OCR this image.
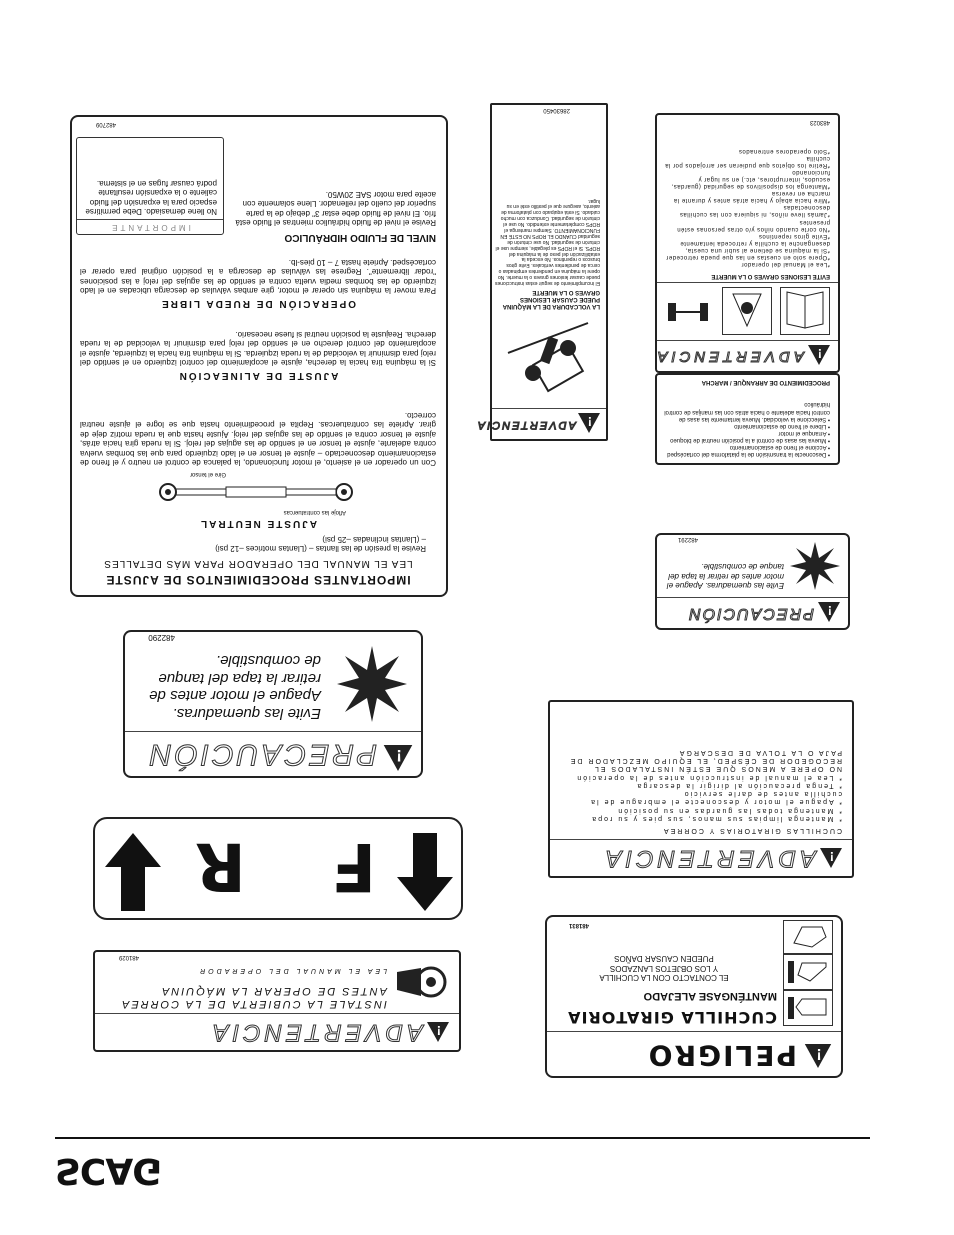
IMPORTANTES PROCEDIMIENTOS DE AJUSTE
LEA EL MANUAL DEL OPERADOR PARA MÁS DETALLES
Revise la presión de las llantas – (Llantas motrices –12 psi)
– (Llantas inclinadas –25 psi)
AJUSTE NEUTRAL
Afloje las contratuercas
Gire el tensor
Con un operador en el asiento, el motor funcionando, la palanca de control en neutro y el freno de estacionamiento desconectado – ajuste el tensor en el lado izquierdo para que las bombas vuelva contra adelante, ajuste el tensor en el sentido de las agujas del reloj. Si la rueda gira hacia atrás, ajuste el tensor contra el sentido de las agujas del reloj. Ajuste hasta que la rueda motriz deje de girar. Apriete las contratuercas. Repita el procedimiento hasta que se logre el ajuste neutral correcto.
AJUSTE DE ALINEACIÓN
Si la máquina tira hacia la derecha, ajuste el acoplamiento del control izquierdo en el sentido del reloj para disminuir la velocidad de la rueda izquierda. Si la máquina tira hacia la izquierda, ajuste el acoplamiento del control derecho en el sentido del reloj para disminuir la velocidad de la rueda derecha. Reajuste la posición neutral si fuese necesario.
OPERACIÓN DE RUEDA LIBRE
Para mover la máquina sin operar el motor, gire ambas válvulas de descarga ubicadas en el lado izquierdo de las bombas media vuelta contra el sentido de las agujas del reloj a las posiciones "rodar libremente". Regrese las válvulas de descarga a la posición original para operar el cortacésped. Apriete hasta 7 – 10 pies-lb.
NIVEL DE FLUIDO HIDRÁULICO
Revise el nivel de fluido hidráulico mientras el fluido está frío. El nivel de fluido debe estar 3" debajo de la parte superior del cuello del rellenador. Llene solamente con aceite para motor SAE 20W50.
IMPORTANTE
No llene demasiado. Debe permitirse espacio para la expansión del fluido caliente o la expansión resultante podrá causar fugas en el sistema.
482709
!
ADVERTENCIA
LA VOLCADURA DE LA MÁQUINA PUEDE CAUSAR LESIONES GRAVES O LA MUERTE
El incumplimiento de seguir estas instrucciones puede causar lesiones graves o la muerte. No opere la máquina en pendientes empinadas o cerca de pendientes verticales. Evite giros bruscos o repentinos. No exceda la estabilización del peso de la máquina del ROPS. Si el ROPS es plegable, siempre use el cinturón de seguridad. No use cinturón de seguridad CUANDO EL ROPS NO ESTÉ EN FUNCIONAMIENTO. Siempre mantenga el ROPS completamente extendido. No use el cinturón de seguridad. Conduzca con mucho cuidado. Si está equipado con plataforma de asiento, asegure que el pestillo esté en su lugar.
28630450
!
ADVERTENCIA
EVITE LESIONES GRAVES O LA MUERTE
*Lea el Manual del operador
*Opere solo en cuestas en las que pueda retroceder
*Si la máquina se detiene al subir una cuesta, desenganche la cuchilla y retroceda lentamente
*Evite giros repentinos
*No corte cuando niños y/o otras personas estén presentes
*Jamás lleve niños, ni siquiera con las cuchillas desconectadas
*Mire hacia abajo y hacia atrás antes y durante la marcha en reversa
*Mantenga los dispositivos de seguridad (guardas, escudos, interruptores, etc.) en su lugar y funcionando
*Retire los objetos que pudieran ser arrojados por la cuchilla
*Solo operadores entrenados
483023
• Desconecte la transmisión de la plataforma del cortacésped
• Accione el freno de estacionamiento
• Mueva las asas de control a la posición neutral de bloqueo
• Arranque el motor
• Libere el freno de estacionamiento
• Seleccione la velocidad. Mueva lentamente las asas de control hacia adelante o hacia atrás con las manijas de control hidráulico
PROCEDIMIENTO DE ARRANQUE / MARCHA
!
PRECAUCIÓN
Evite las quemaduras. Apague el motor antes de retirar la tapa del tanque de combustible.
482291
!
PRECAUCIÓN
Evite las quemaduras.
Apague el motor antes de
retirar la tapa del tanque
de combustible.
482290
!
ADVERTENCIA
CUCHILLAS GIRATORIAS Y CORREA
* Mantenga limpias sus manos, sus pies y su ropa
* Mantenga todas las guardas en su posición
* Apague el motor y desconecte el embrague de la cuchilla antes de darle servicio
* Tenga precaución al dirigir la descarga
* Lea el manual de instrucción antes de la operación
NO OPERE A MENOS QUE ESTÉN INSTALADOS EL RECOGEDOR DE CÉSPED, EL EQUIPO MEZCLADOR DE PAJA O LA TOLVA DE DESCARGA
R F
!
ADVERTENCIA
INSTALE LA CUBIERTA DE LA CORREA
ANTES DE OPERAR LA MÁQUINA
LEA EL MANUAL DEL OPERADOR
481029
!
PELIGRO
CUCHILLA GIRATORIA
MANTÉNGASE ALEJADO
EL CONTACTO CON LA CUCHILLA
Y LOS OBJETOS LANZADOS
PUEDEN CAUSAR DAÑOS
481831
SCAG
